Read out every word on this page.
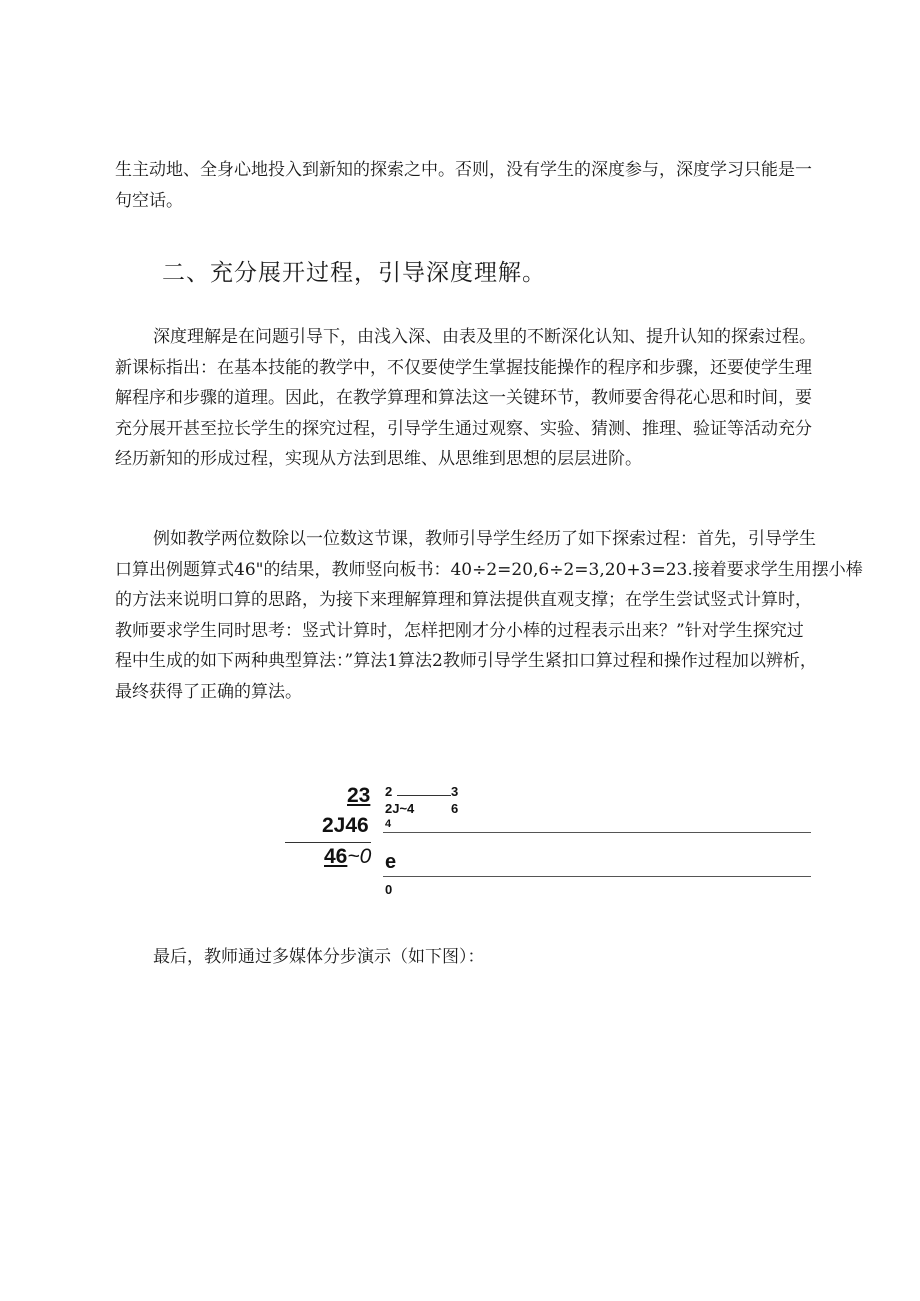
生主动地、全身心地投入到新知的探索之中。否则，没有学生的深度参与，深度学习只能是一
句空话。
二、充分展开过程，引导深度理解。
深度理解是在问题引导下，由浅入深、由表及里的不断深化认知、提升认知的探索过程。
新课标指出：在基本技能的教学中，不仅要使学生掌握技能操作的程序和步骤，还要使学生理
解程序和步骤的道理。因此，在教学算理和算法这一关键环节，教师要舍得花心思和时间，要
充分展开甚至拉长学生的探究过程，引导学生通过观察、实验、猜测、推理、验证等活动充分
经历新知的形成过程，实现从方法到思维、从思维到思想的层层进阶。
例如教学两位数除以一位数这节课，教师引导学生经历了如下探索过程：首先，引导学生
口算出例题算式46"的结果，教师竖向板书：40÷2=20,6÷2=3,20+3=23.接着要求学生用摆小棒
的方法来说明口算的思路，为接下来理解算理和算法提供直观支撑；在学生尝试竖式计算时，
教师要求学生同时思考：竖式计算时，怎样把刚才分小棒的过程表示出来？”针对学生探究过
程中生成的如下两种典型算法：”算法1算法2教师引导学生紧扣口算过程和操作过程加以辨析，
最终获得了正确的算法。
23
2J46
46~0
2	3
2J~4	6
4
e
0
最后，教师通过多媒体分步演示（如下图）：
